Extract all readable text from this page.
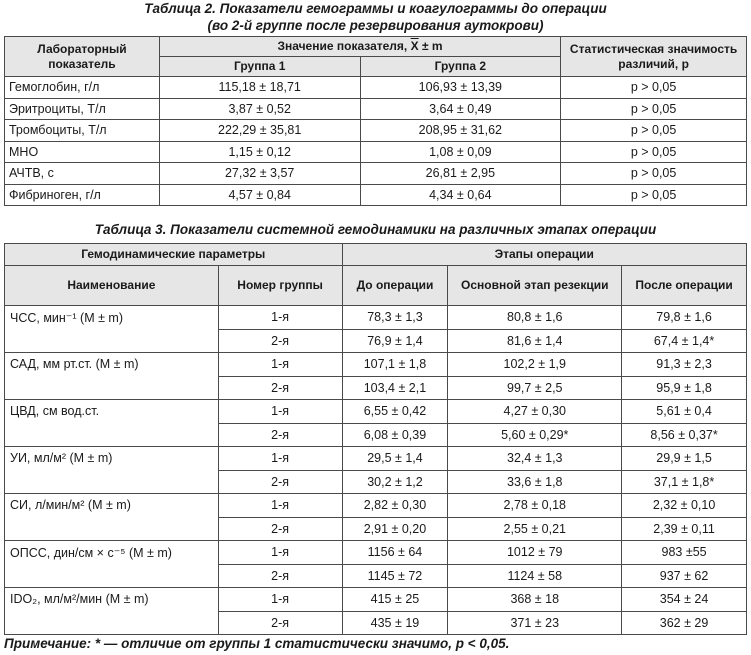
Таблица 2. Показатели гемограммы и коагулограммы до операции
(во 2-й группе после резервирования аутокрови)
Лабораторный показатель	Значение показателя, $\overline{X} \pm m$		Статистическая значимость различий, p
	Группа 1	Группа 2	
Гемоглобин, г/л	115,18 ± 18,71	106,93 ± 13,39	p > 0,05
Эритроциты, Т/л	3,87 ± 0,52	3,64 ± 0,49	p > 0,05
Тромбоциты, Т/л	222,29 ± 35,81	208,95 ± 31,62	p > 0,05
МНО	1,15 ± 0,12	1,08 ± 0,09	p > 0,05
АЧТВ, с	27,32 ± 3,57	26,81 ± 2,95	p > 0,05
Фибриноген, г/л	4,57 ± 0,84	4,34 ± 0,64	p > 0,05
Таблица 3. Показатели системной гемодинамики на различных этапах операции
Гемодинамические параметры		Этапы операции		
Наименование	Номер группы	До операции	Основной этап резекции	После операции
ЧСС, мин⁻¹ (M ± m)	1-я	78,3 ± 1,3	80,8 ± 1,6	79,8 ± 1,6
	2-я	76,9 ± 1,4	81,6 ± 1,4	67,4 ± 1,4*
САД, мм рт.ст. (M ± m)	1-я	107,1 ± 1,8	102,2 ± 1,9	91,3 ± 2,3
	2-я	103,4 ± 2,1	99,7 ± 2,5	95,9 ± 1,8
ЦВД, см вод.ст.	1-я	6,55 ± 0,42	4,27 ± 0,30	5,61 ± 0,4
	2-я	6,08 ± 0,39	5,60 ± 0,29*	8,56 ± 0,37*
УИ, мл/м² (M ± m)	1-я	29,5 ± 1,4	32,4 ± 1,3	29,9 ± 1,5
	2-я	30,2 ± 1,2	33,6 ± 1,8	37,1 ± 1,8*
СИ, л/мин/м² (M ± m)	1-я	2,82 ± 0,30	2,78 ± 0,18	2,32 ± 0,10
	2-я	2,91 ± 0,20	2,55 ± 0,21	2,39 ± 0,11
ОПСС, дин/см × с⁻⁵ (M ± m)	1-я	1156 ± 64	1012 ± 79	983 ±55
	2-я	1145 ± 72	1124 ± 58	937 ± 62
IDO₂, мл/м²/мин (M ± m)	1-я	415 ± 25	368 ± 18	354 ± 24
	2-я	435 ± 19	371 ± 23	362 ± 29
Примечание: * — отличие от группы 1 статистически значимо, p < 0,05.
